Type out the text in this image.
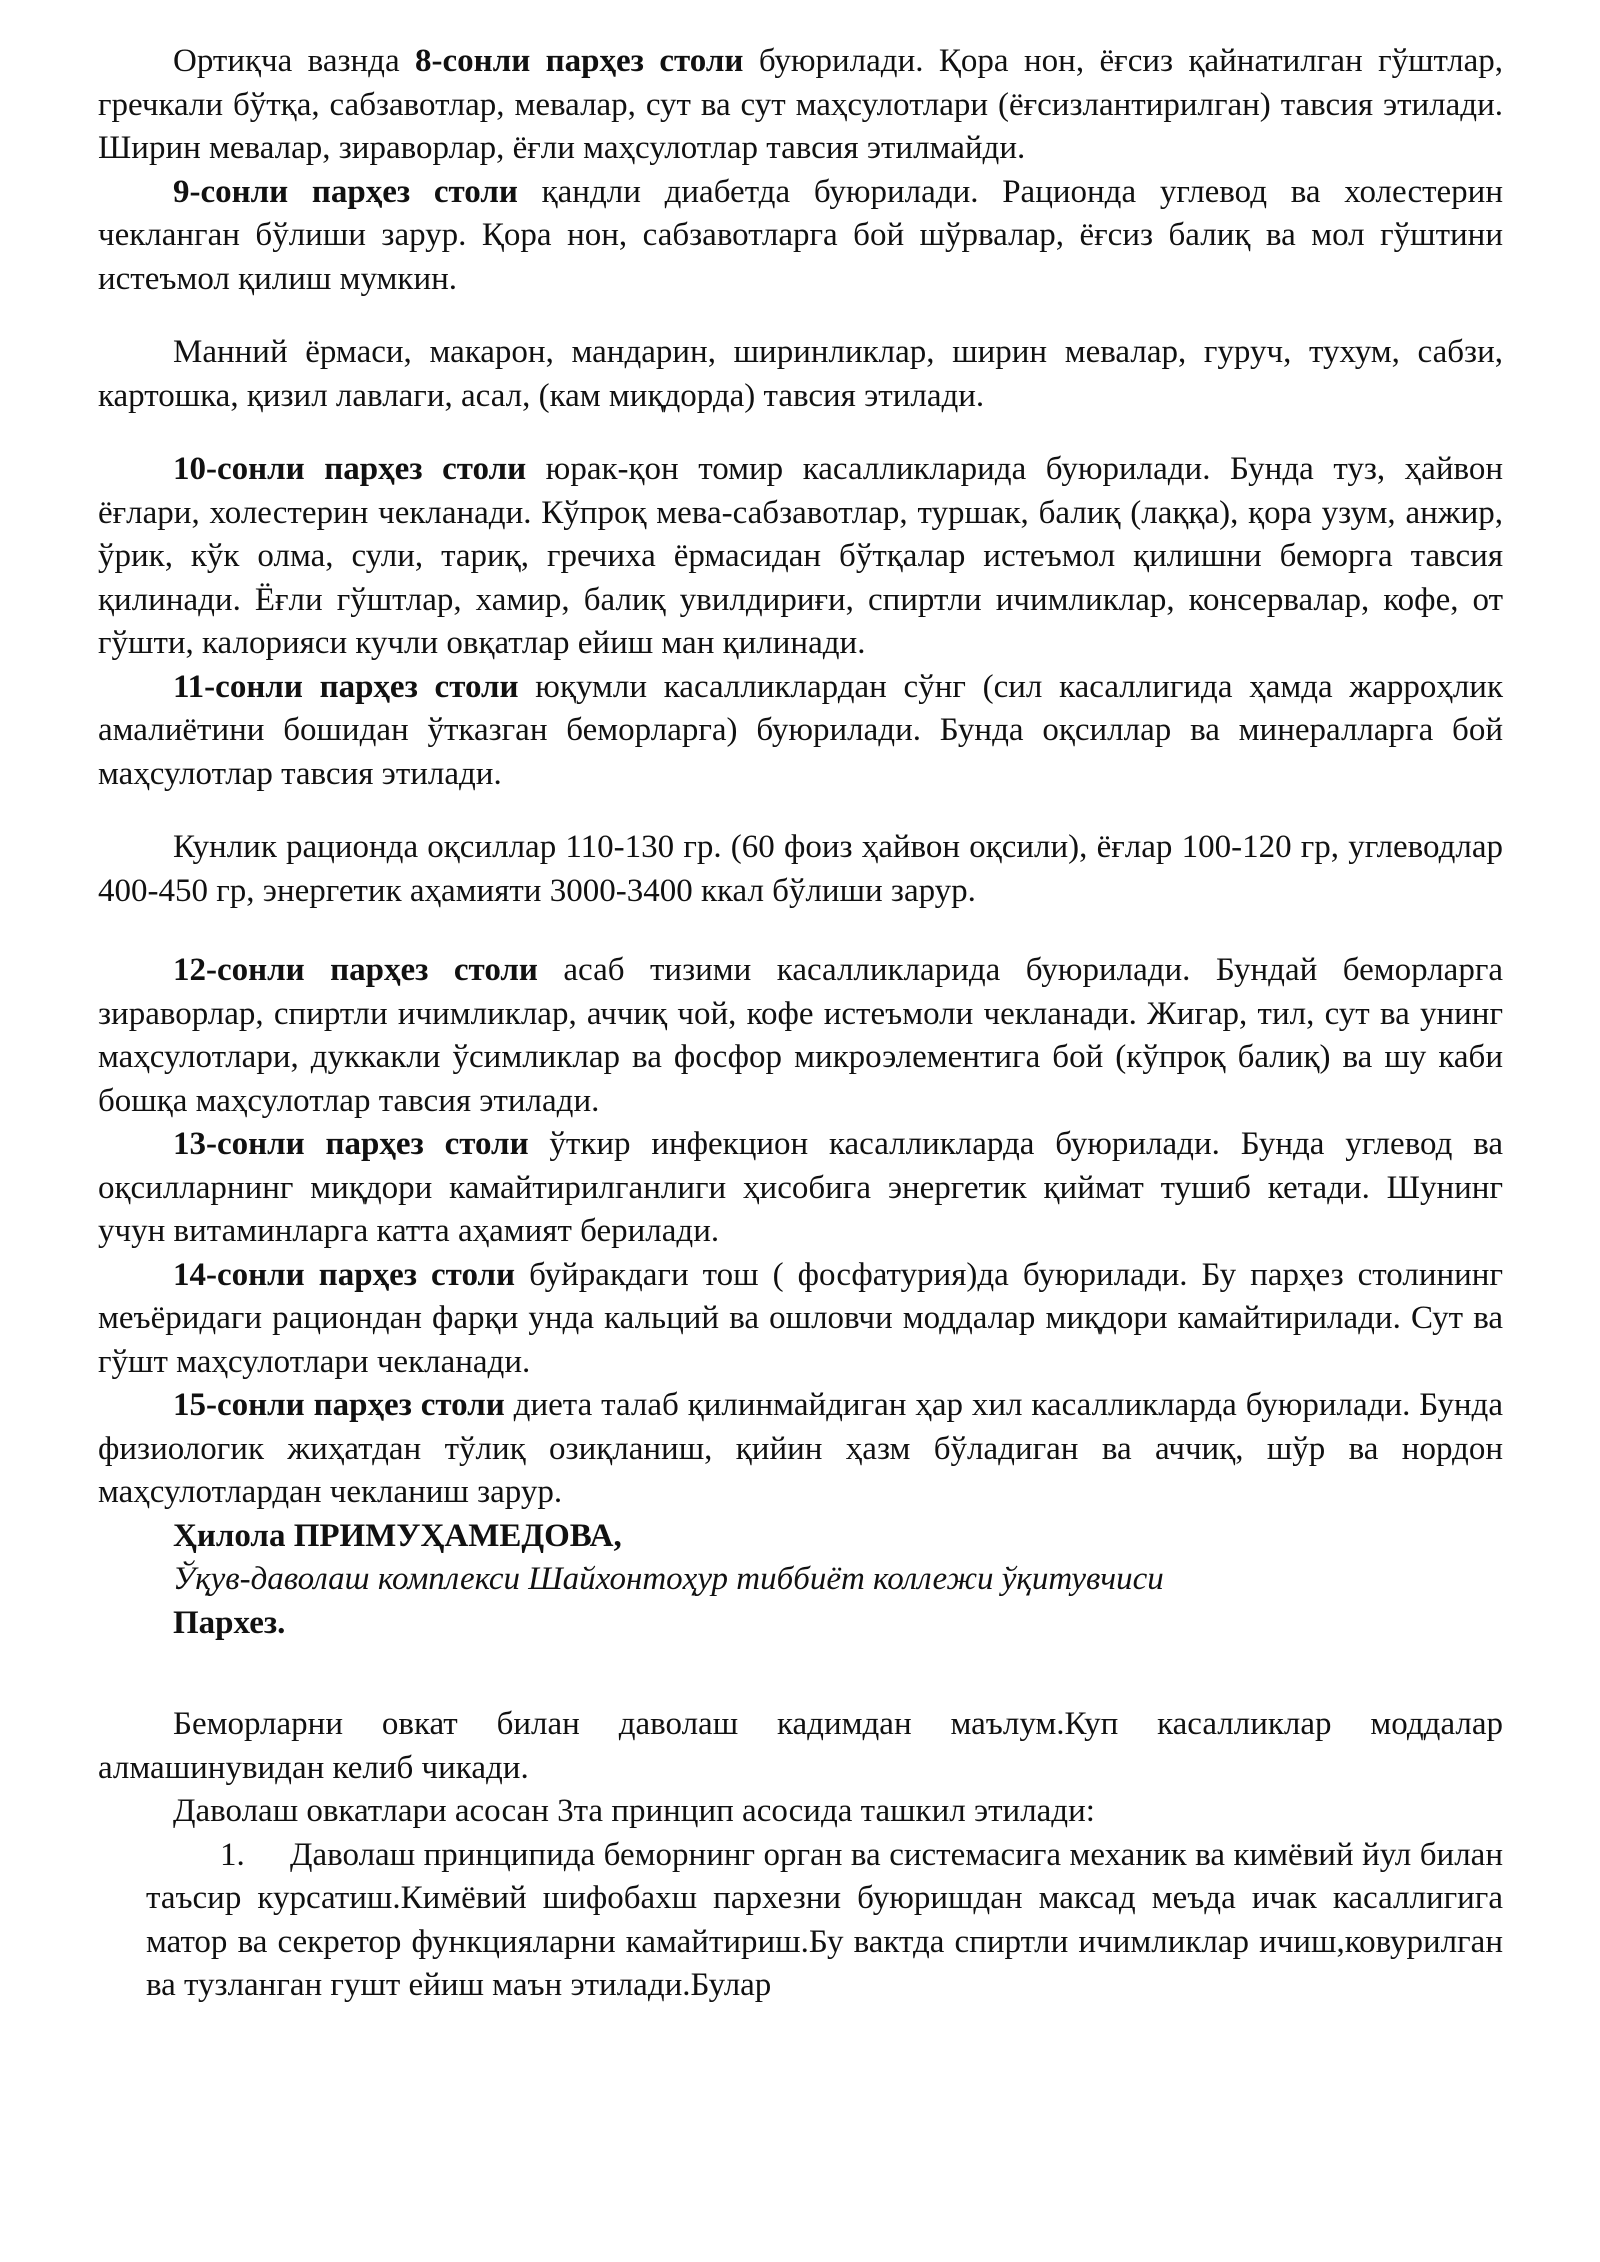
Ортиқча вазнда 8-сонли парҳез столи буюрилади. Қора нон, ёғсиз қайнатилган гўштлар, гречкали бўтқа, сабзавотлар, мевалар, сут ва сут маҳсулотлари (ёғсизлантирилган) тавсия этилади. Ширин мевалар, зираворлар, ёғли маҳсулотлар тавсия этилмайди.

9-сонли парҳез столи қандли диабетда буюрилади. Рационда углевод ва холестерин чекланган бўлиши зарур. Қора нон, сабзавотларга бой шўрвалар, ёғсиз балиқ ва мол гўштини истеъмол қилиш мумкин.

Манний ёрмаси, макарон, мандарин, ширинликлар, ширин мевалар, гуруч, тухум, сабзи, картошка, қизил лавлаги, асал, (кам миқдорда) тавсия этилади.

10-сонли парҳез столи юрак-қон томир касалликларида буюрилади. Бунда туз, ҳайвон ёғлари, холестерин чекланади. Кўпроқ мева-сабзавотлар, туршак, балиқ (лаққа), қора узум, анжир, ўрик, кўк олма, сули, тариқ, гречиха ёрмасидан бўтқалар истеъмол қилишни беморга тавсия қилинади. Ёғли гўштлар, хамир, балиқ увилдириғи, спиртли ичимликлар, консервалар, кофе, от гўшти, калорияси кучли овқатлар ейиш ман қилинади.

11-сонли парҳез столи юқумли касалликлардан сўнг (сил касаллигида ҳамда жарроҳлик амалиётини бошидан ўтказган беморларга) буюрилади. Бунда оқсиллар ва минералларга бой маҳсулотлар тавсия этилади.

Кунлик рационда оқсиллар 110-130 гр. (60 фоиз ҳайвон оқсили), ёғлар 100-120 гр, углеводлар 400-450 гр, энергетик аҳамияти 3000-3400 ккал бўлиши зарур.

12-сонли парҳез столи асаб тизими касалликларида буюрилади. Бундай беморларга зираворлар, спиртли ичимликлар, аччиқ чой, кофе истеъмоли чекланади. Жигар, тил, сут ва унинг маҳсулотлари, дуккакли ўсимликлар ва фосфор микроэлементига бой (кўпроқ балиқ) ва шу каби бошқа маҳсулотлар тавсия этилади.

13-сонли парҳез столи ўткир инфекцион касалликларда буюрилади. Бунда углевод ва оқсилларнинг миқдори камайтирилганлиги ҳисобига энергетик қиймат тушиб кетади. Шунинг учун витаминларга катта аҳамият берилади.

14-сонли парҳез столи буйракдаги тош ( фосфатурия)да буюрилади. Бу парҳез столининг меъёридаги рациондан фарқи унда кальций ва ошловчи моддалар миқдори камайтирилади. Сут ва гўшт маҳсулотлари чекланади.

15-сонли парҳез столи диета талаб қилинмайдиган ҳар хил касалликларда буюрилади. Бунда физиологик жиҳатдан тўлиқ озиқланиш, қийин ҳазм бўладиган ва аччиқ, шўр ва нордон маҳсулотлардан чекланиш зарур.

Ҳилола ПРИМУҲАМЕДОВА,

Ўқув-даволаш комплекси Шайхонтоҳур тиббиёт коллежи ўқитувчиси

Пархез.

Беморларни овкат билан даволаш кадимдан маълум.Куп касалликлар моддалар алмашинувидан келиб чикади.

Даволаш овкатлари асосан 3та принцип асосида ташкил этилади:

1. Даволаш принципида беморнинг орган ва системасига механик ва кимёвий йул билан таъсир курсатиш.Кимёвий шифобахш пархезни буюришдан максад меъда ичак касаллигига матор ва секретор функцияларни камайтириш.Бу вактда спиртли ичимликлар ичиш,ковурилган ва тузланган гушт ейиш маън этилади.Булар
